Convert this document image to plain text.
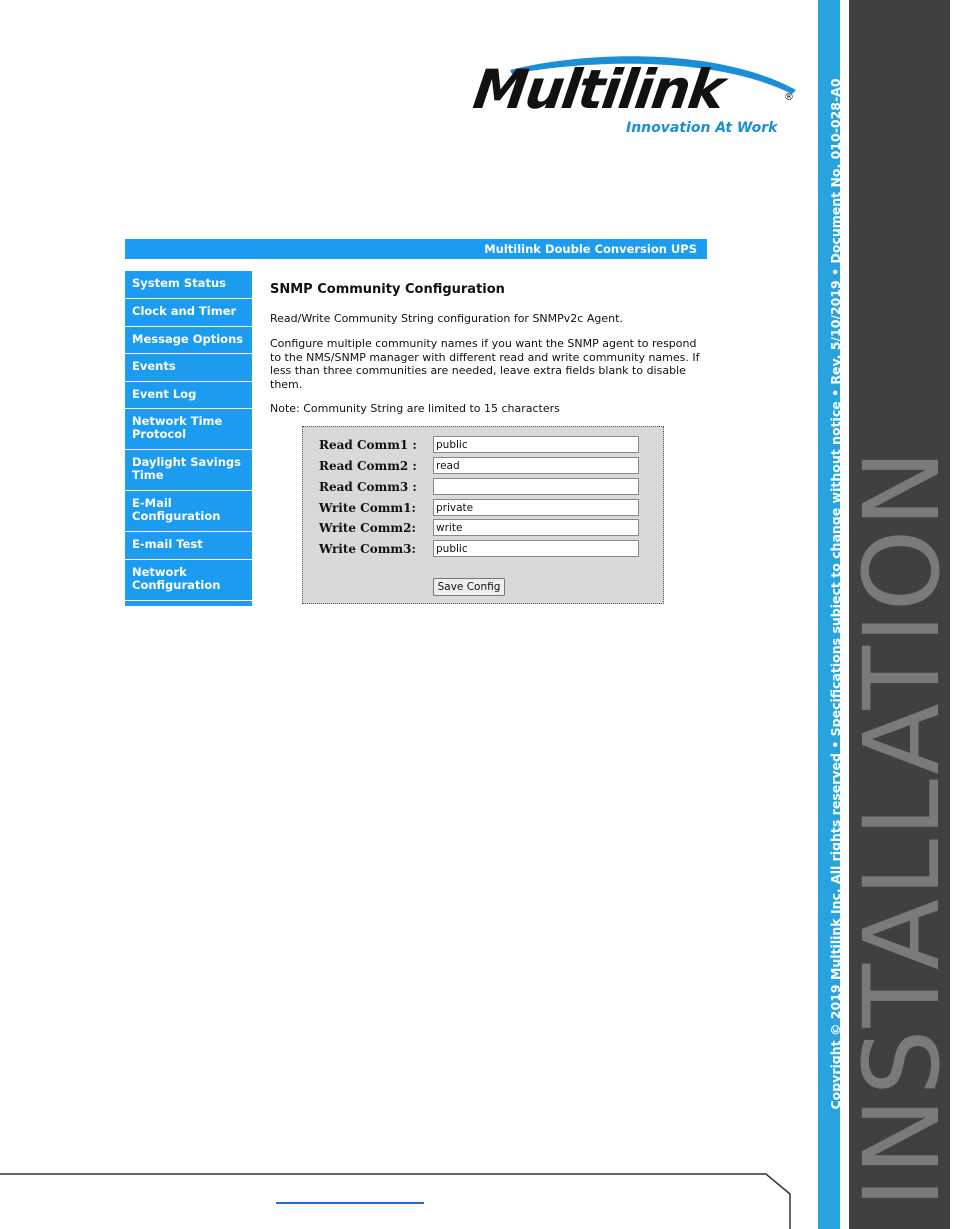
Multilink	®
Innovation At Work
Multilink Double Conversion UPS
System Status
Clock and Timer
Message Options
Events
Event Log
Network Time Protocol
Daylight Savings Time
E-Mail Configuration
E-mail Test
Network Configuration
SNMP Community Configuration
Read/Write Community String configuration for SNMPv2c Agent.
Configure multiple community names if you want the SNMP agent to respond to the NMS/SNMP manager with different read and write community names. If less than three communities are needed, leave extra fields blank to disable them.
Note: Community String are limited to 15 characters
Read Comm1 :
public
Read Comm2 :
read
Read Comm3 :
Write Comm1:
private
Write Comm2:
write
Write Comm3:
public
Save Config	Copyright © 2019 Multilink Inc. All rights reserved • Specifications subject to change without notice • Rev. 5/10/2019 • Document No. 010-028-A0
INSTALLATION
